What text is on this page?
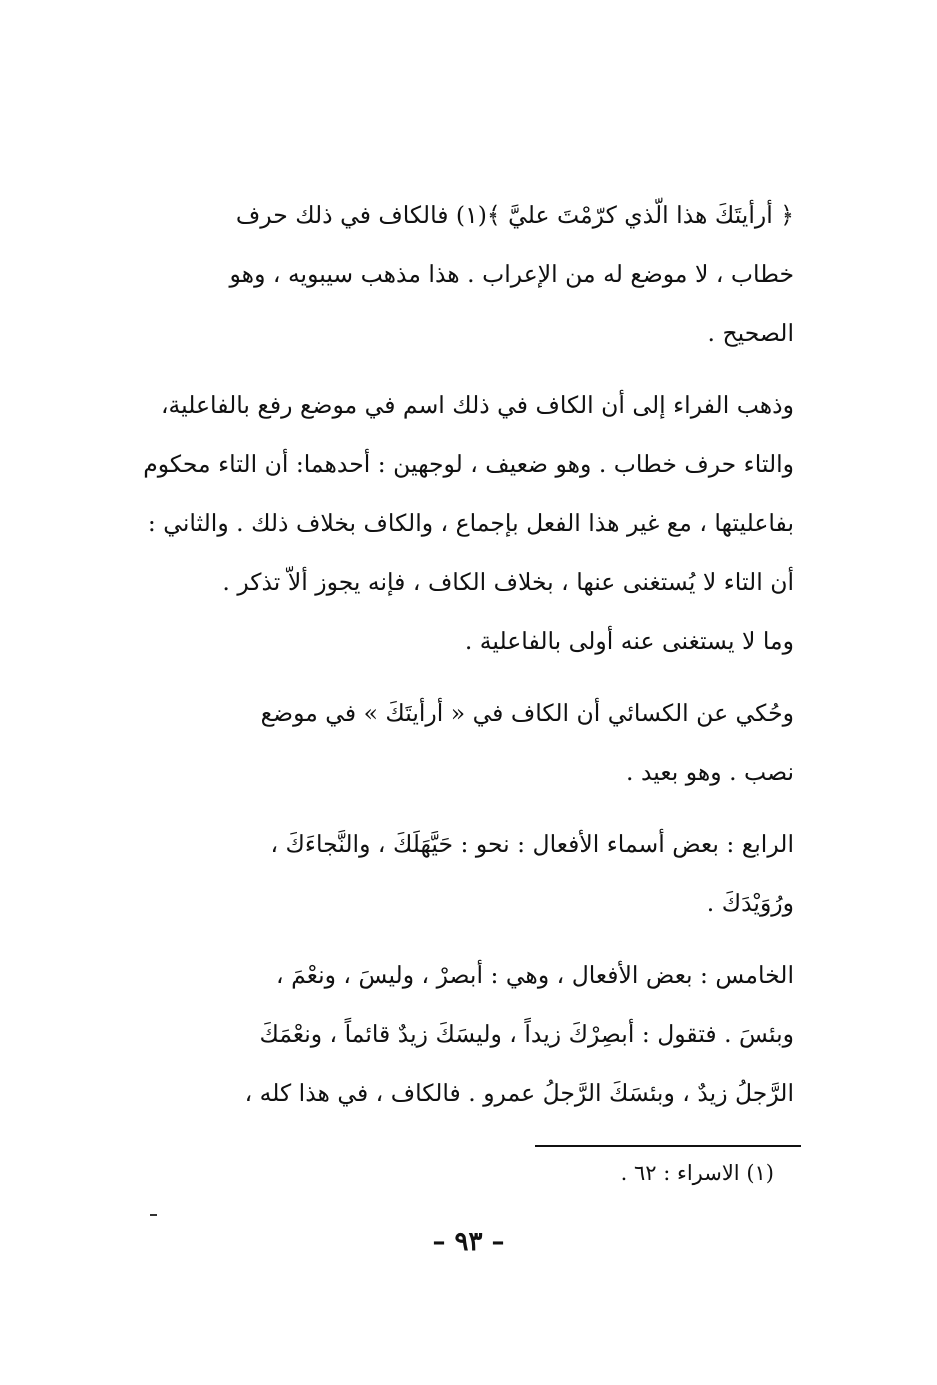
﴿ أرأيتَكَ هذا الّذي كرّمْتَ عليَّ ﴾(١) فالكاف في ذلك حرف
خطاب ، لا موضع له من الإعراب . هذا مذهب سيبويه ، وهو
الصحيح .

وذهب الفراء إلى أن الكاف في ذلك اسم في موضع رفع بالفاعلية،
والتاء حرف خطاب . وهو ضعيف ، لوجهين : أحدهما: أن التاء محكوم
بفاعليتها ، مع غير هذا الفعل بإجماع ، والكاف بخلاف ذلك . والثاني :
أن التاء لا يُستغنى عنها ، بخلاف الكاف ، فإنه يجوز ألاّ تذكر .
وما لا يستغنى عنه أولى بالفاعلية .

وحُكي عن الكسائي أن الكاف في « أرأيتَكَ » في موضع
نصب . وهو بعيد .

الرابع : بعض أسماء الأفعال : نحو : حَيَّهَلَكَ ، والنَّجاءَكَ ،
ورُوَيْدَكَ .

الخامس : بعض الأفعال ، وهي : أبصرْ ، وليسَ ، ونعْمَ ،
وبئسَ . فتقول : أبصِرْكَ زيداً ، وليسَكَ زيدٌ قائماً ، ونعْمَكَ
الرَّجلُ زيدٌ ، وبئسَكَ الرَّجلُ عمرو . فالكاف ، في هذا كله ،

(١) الاسراء : ٦٢ .
– ٩٣ –
